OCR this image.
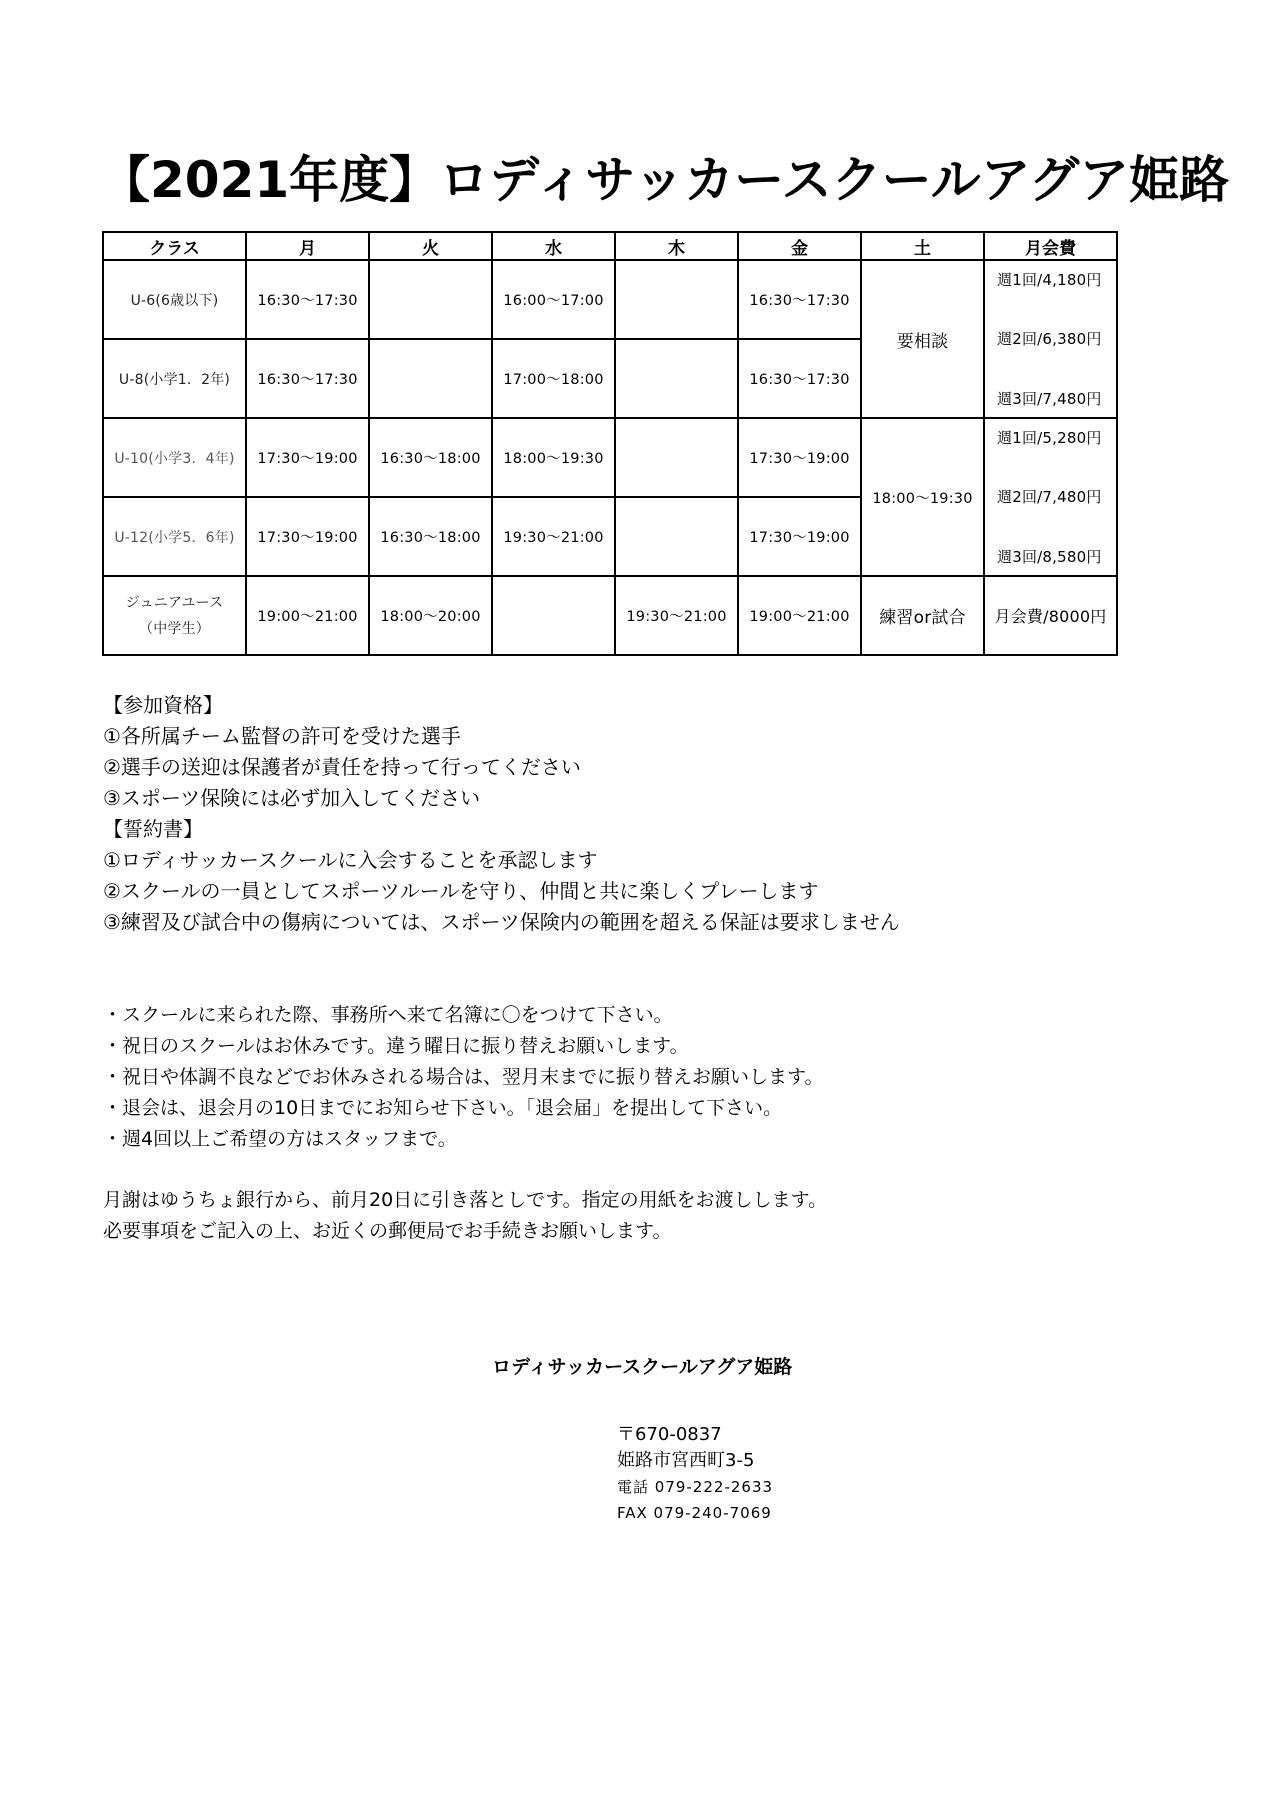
【2021年度】ロディサッカースクールアグア姫路
クラス	月	火	水	木	金	土	月会費
U-6(6歳以下)	16:30～17:30		16:00～17:00		16:30～17:30	要相談	週1回/4,180円
週2回/6,380円
週3回/7,480円

U-8(小学1．2年)	16:30～17:30		17:00～18:00		16:30～17:30		
U-10(小学3．4年)	17:30～19:00	16:30～18:00	18:00～19:30		17:30～19:00	18:00～19:30	週1回/5,280円
週2回/7,480円
週3回/8,580円

U-12(小学5．6年)	17:30～19:00	16:30～18:00	19:30～21:00		17:30～19:00		

ジュニアユース
（中学生）	19:00～21:00	18:00～20:00		19:30～21:00	19:00～21:00	練習or試合	月会費/8000円
【参加資格】
①各所属チーム監督の許可を受けた選手
②選手の送迎は保護者が責任を持って行ってください
③スポーツ保険には必ず加入してください
【誓約書】
①ロディサッカースクールに入会することを承認します
②スクールの一員としてスポーツルールを守り、仲間と共に楽しくプレーします
③練習及び試合中の傷病については、スポーツ保険内の範囲を超える保証は要求しません
・スクールに来られた際、事務所へ来て名簿に〇をつけて下さい。
・祝日のスクールはお休みです。違う曜日に振り替えお願いします。
・祝日や体調不良などでお休みされる場合は、翌月末までに振り替えお願いします。
・退会は、退会月の10日までにお知らせ下さい。「退会届」を提出して下さい。
・週4回以上ご希望の方はスタッフまで。
月謝はゆうちょ銀行から、前月20日に引き落としです。指定の用紙をお渡しします。
必要事項をご記入の上、お近くの郵便局でお手続きお願いします。
ロディサッカースクールアグア姫路
〒670-0837
姫路市宮西町3-5
電話 079-222-2633
FAX 079-240-7069
